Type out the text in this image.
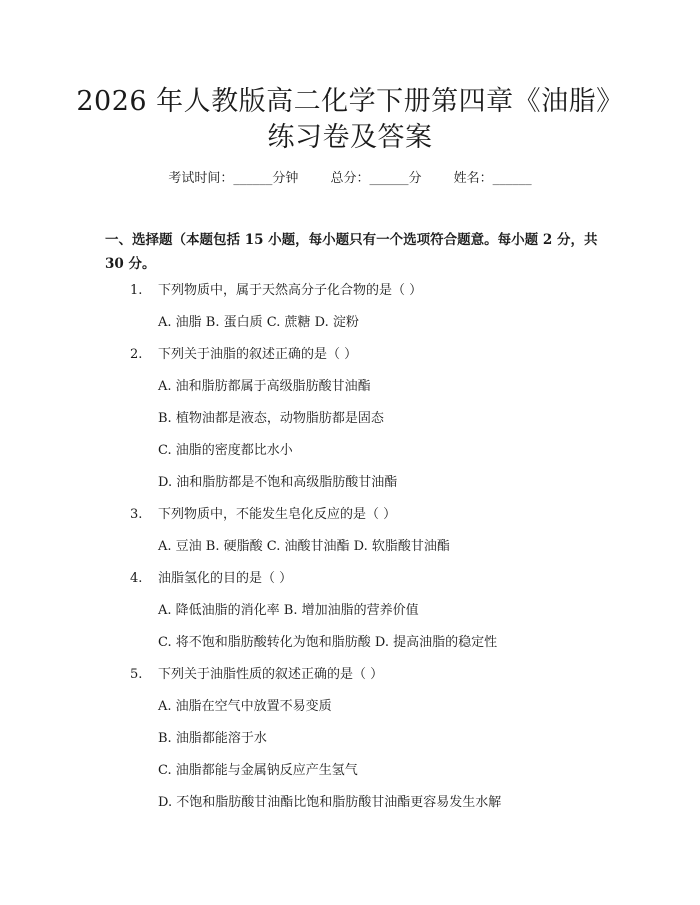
2026 年人教版高二化学下册第四章《油脂》
练习卷及答案
考试时间：______分钟 总分：______分 姓名：______
一、选择题（本题包括 15 小题，每小题只有一个选项符合题意。每小题 2 分，共
30 分。
1. 下列物质中，属于天然高分子化合物的是（ ）
A. 油脂 B. 蛋白质 C. 蔗糖 D. 淀粉
2. 下列关于油脂的叙述正确的是（ ）
A. 油和脂肪都属于高级脂肪酸甘油酯
B. 植物油都是液态，动物脂肪都是固态
C. 油脂的密度都比水小
D. 油和脂肪都是不饱和高级脂肪酸甘油酯
3. 下列物质中，不能发生皂化反应的是（ ）
A. 豆油 B. 硬脂酸 C. 油酸甘油酯 D. 软脂酸甘油酯
4. 油脂氢化的目的是（ ）
A. 降低油脂的消化率 B. 增加油脂的营养价值
C. 将不饱和脂肪酸转化为饱和脂肪酸 D. 提高油脂的稳定性
5. 下列关于油脂性质的叙述正确的是（ ）
A. 油脂在空气中放置不易变质
B. 油脂都能溶于水
C. 油脂都能与金属钠反应产生氢气
D. 不饱和脂肪酸甘油酯比饱和脂肪酸甘油酯更容易发生水解
